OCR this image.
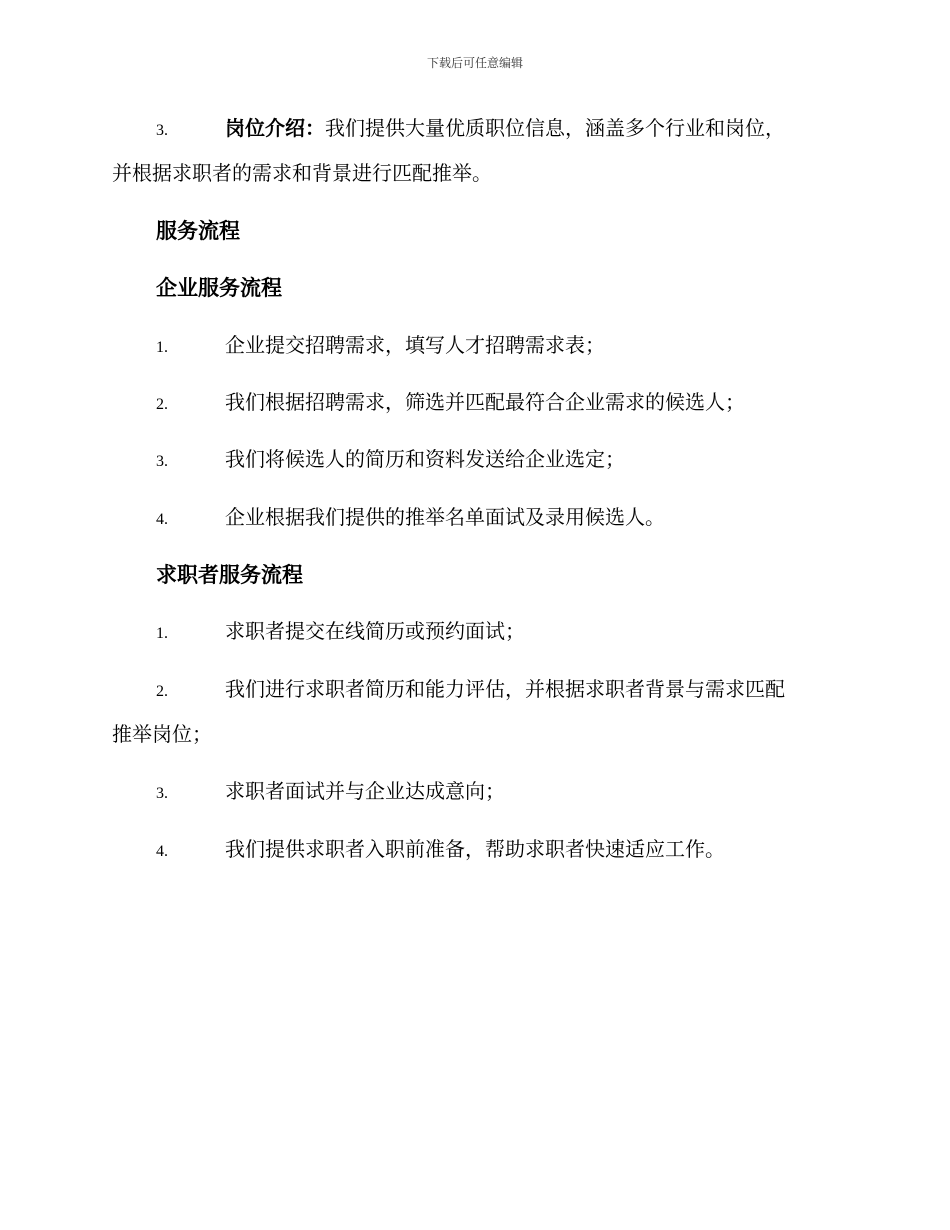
下载后可任意编辑
3.	岗位介绍：我们提供大量优质职位信息，涵盖多个行业和岗位，
并根据求职者的需求和背景进行匹配推举。
服务流程
企业服务流程
1.	企业提交招聘需求，填写人才招聘需求表；
2.	我们根据招聘需求，筛选并匹配最符合企业需求的候选人；
3.	我们将候选人的简历和资料发送给企业选定；
4.	企业根据我们提供的推举名单面试及录用候选人。
求职者服务流程
1.	求职者提交在线简历或预约面试；
2.	我们进行求职者简历和能力评估，并根据求职者背景与需求匹配
推举岗位；
3.	求职者面试并与企业达成意向；
4.	我们提供求职者入职前准备，帮助求职者快速适应工作。
